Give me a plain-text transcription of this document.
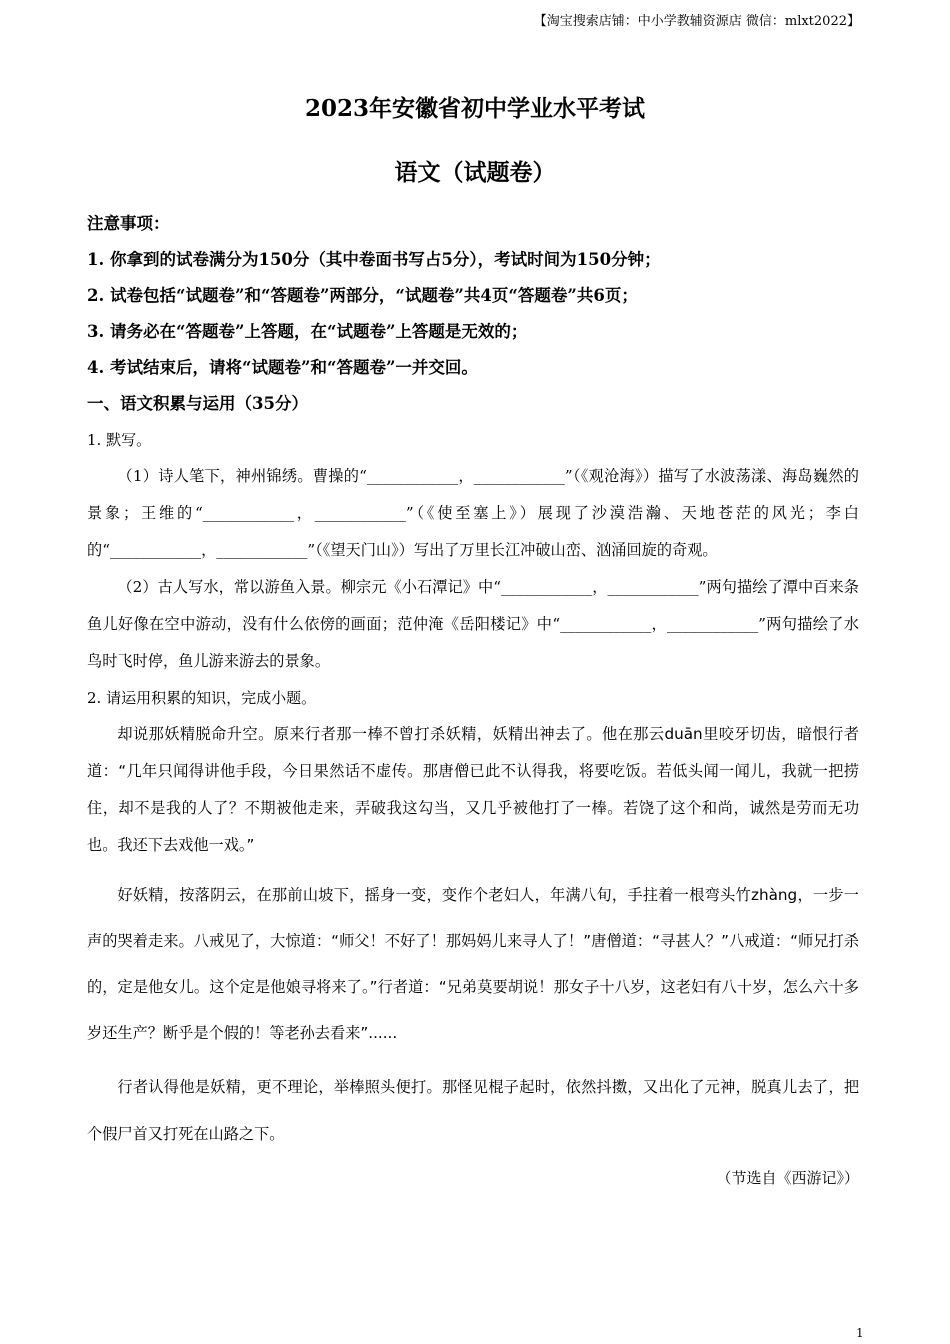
【淘宝搜索店铺：中小学教辅资源店 微信：mlxt2022】
2023年安徽省初中学业水平考试
语文（试题卷）
注意事项：
1. 你拿到的试卷满分为150分（其中卷面书写占5分），考试时间为150分钟；
2. 试卷包括“试题卷”和“答题卷”两部分，“试题卷”共4页“答题卷”共6页；
3. 请务必在“答题卷”上答题，在“试题卷”上答题是无效的；
4. 考试结束后，请将“试题卷”和“答题卷”一并交回。
一、语文积累与运用（35分）
1. 默写。

（1）诗人笔下，神州锦绣。曹操的“____________，____________”（《观沧海》）描写了水波荡漾、海岛巍然的景象；王维的“____________，____________”（《使至塞上》）展现了沙漠浩瀚、天地苍茫的风光；李白的“____________，____________”（《望天门山》）写出了万里长江冲破山峦、汹涌回旋的奇观。

（2）古人写水，常以游鱼入景。柳宗元《小石潭记》中“____________，____________”两句描绘了潭中百来条鱼儿好像在空中游动，没有什么依傍的画面；范仲淹《岳阳楼记》中“____________，____________”两句描绘了水鸟时飞时停，鱼儿游来游去的景象。

2. 请运用积累的知识，完成小题。

却说那妖精脱命升空。原来行者那一棒不曾打杀妖精，妖精出神去了。他在那云duān里咬牙切齿，暗恨行者道：“几年只闻得讲他手段，今日果然话不虚传。那唐僧已此不认得我，将要吃饭。若低头闻一闻儿，我就一把捞住，却不是我的人了？不期被他走来，弄破我这勾当，又几乎被他打了一棒。若饶了这个和尚，诚然是劳而无功也。我还下去戏他一戏。”

好妖精，按落阴云，在那前山坡下，摇身一变，变作个老妇人，年满八旬，手拄着一根弯头竹zhàng，一步一声的哭着走来。八戒见了，大惊道：“师父！不好了！那妈妈儿来寻人了！”唐僧道：“寻甚人？”八戒道：“师兄打杀的，定是他女儿。这个定是他娘寻将来了。”行者道：“兄弟莫要胡说！那女子十八岁，这老妇有八十岁，怎么六十多岁还生产？断乎是个假的！等老孙去看来”......

行者认得他是妖精，更不理论，举棒照头便打。那怪见棍子起时，依然抖擞，又出化了元神，脱真儿去了，把个假尸首又打死在山路之下。

（节选自《西游记》）
1
